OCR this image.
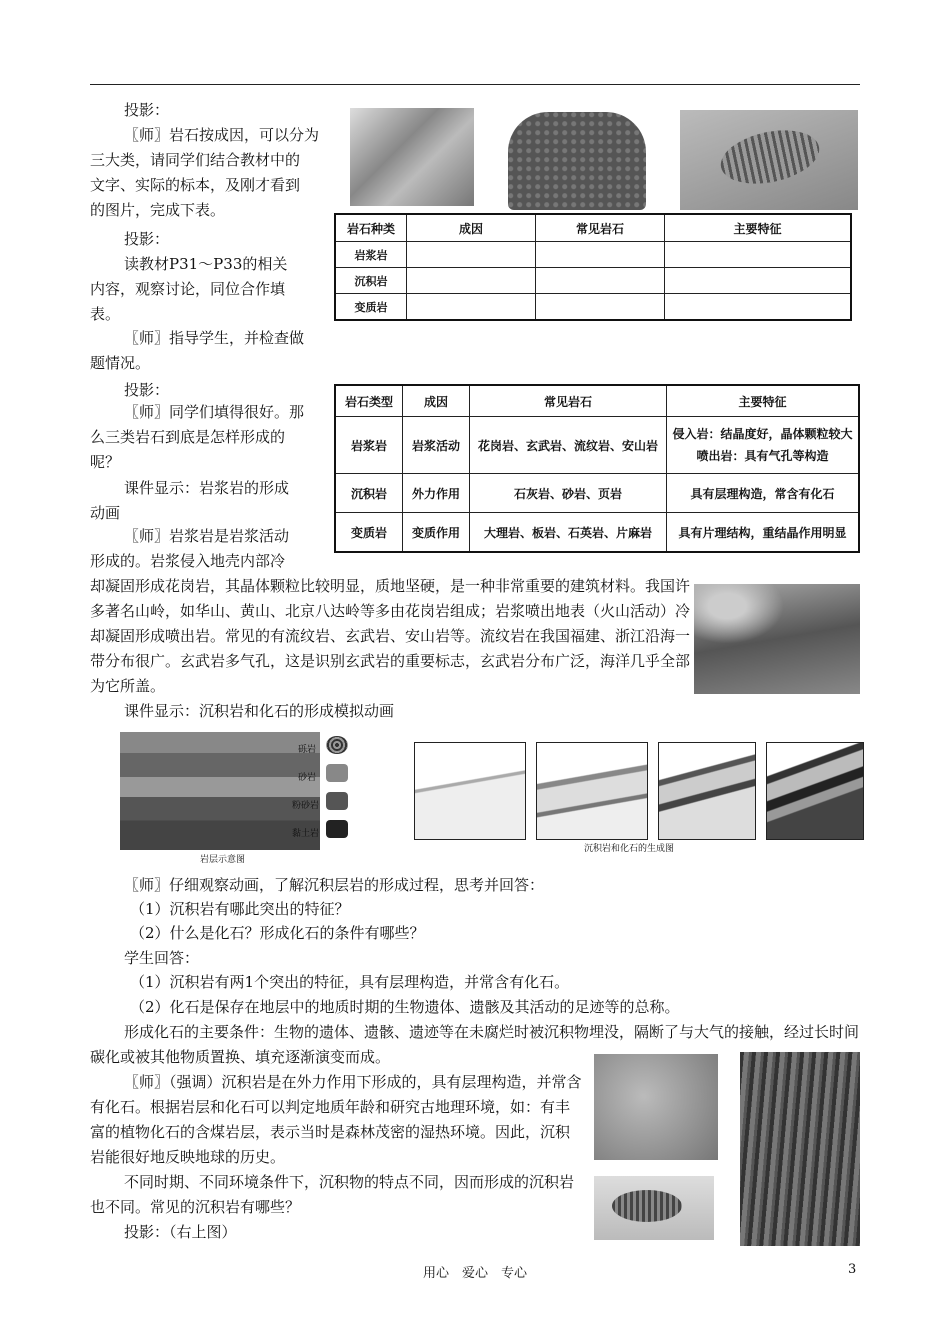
投影：
〖师〗岩石按成因，可以分为
三大类，请同学们结合教材中的
文字、实际的标本，及刚才看到
的图片，完成下表。
投影：
读教材P31～P33的相关
内容，观察讨论，同位合作填
表。
〖师〗指导学生，并检查做
题情况。
投影：
〖师〗同学们填得很好。那
么三类岩石到底是怎样形成的
呢？
课件显示：岩浆岩的形成
动画
〖师〗岩浆岩是岩浆活动
形成的。岩浆侵入地壳内部冷
岩石种类	成因	常见岩石	主要特征
岩浆岩			
沉积岩			
变质岩			
岩石类型	成因	常见岩石	主要特征
岩浆岩	岩浆活动	花岗岩、玄武岩、流纹岩、安山岩	侵入岩：结晶度好，晶体颗粒较大
喷出岩：具有气孔等构造

沉积岩	外力作用	石灰岩、砂岩、页岩	具有层理构造，常含有化石
变质岩	变质作用	大理岩、板岩、石英岩、片麻岩	具有片理结构，重结晶作用明显
却凝固形成花岗岩，其晶体颗粒比较明显，质地坚硬，是一种非常重要的建筑材料。我国许多著名山岭，如华山、黄山、北京八达岭等多由花岗岩组成；岩浆喷出地表（火山活动）冷却凝固形成喷出岩。常见的有流纹岩、玄武岩、安山岩等。流纹岩在我国福建、浙江沿海一带分布很广。玄武岩多气孔，这是识别玄武岩的重要标志，玄武岩分布广泛，海洋几乎全部为它所盖。
课件显示：沉积岩和化石的形成模拟动画
砾岩
砂岩
粉砂岩
黏土岩
岩层示意图
沉积岩和化石的生成图
〖师〗仔细观察动画，了解沉积层岩的形成过程，思考并回答：
（1）沉积岩有哪此突出的特征？
（2）什么是化石？形成化石的条件有哪些？
学生回答：
（1）沉积岩有两1个突出的特征，具有层理构造，并常含有化石。
（2）化石是保存在地层中的地质时期的生物遗体、遗骸及其活动的足迹等的总称。
形成化石的主要条件：生物的遗体、遗骸、遗迹等在未腐烂时被沉积物埋没，隔断了与大气的接触，经过长时间碳化或被其他物质置换、填充逐渐演变而成。
〖师〗（强调）沉积岩是在外力作用下形成的，具有层理构造，并常含有化石。根据岩层和化石可以判定地质年龄和研究古地理环境，如：有丰富的植物化石的含煤岩层，表示当时是森林茂密的湿热环境。因此，沉积岩能很好地反映地球的历史。
不同时期、不同环境条件下，沉积物的特点不同，因而形成的沉积岩也不同。常见的沉积岩有哪些？
投影：（右上图）
用心　爱心　专心	3
